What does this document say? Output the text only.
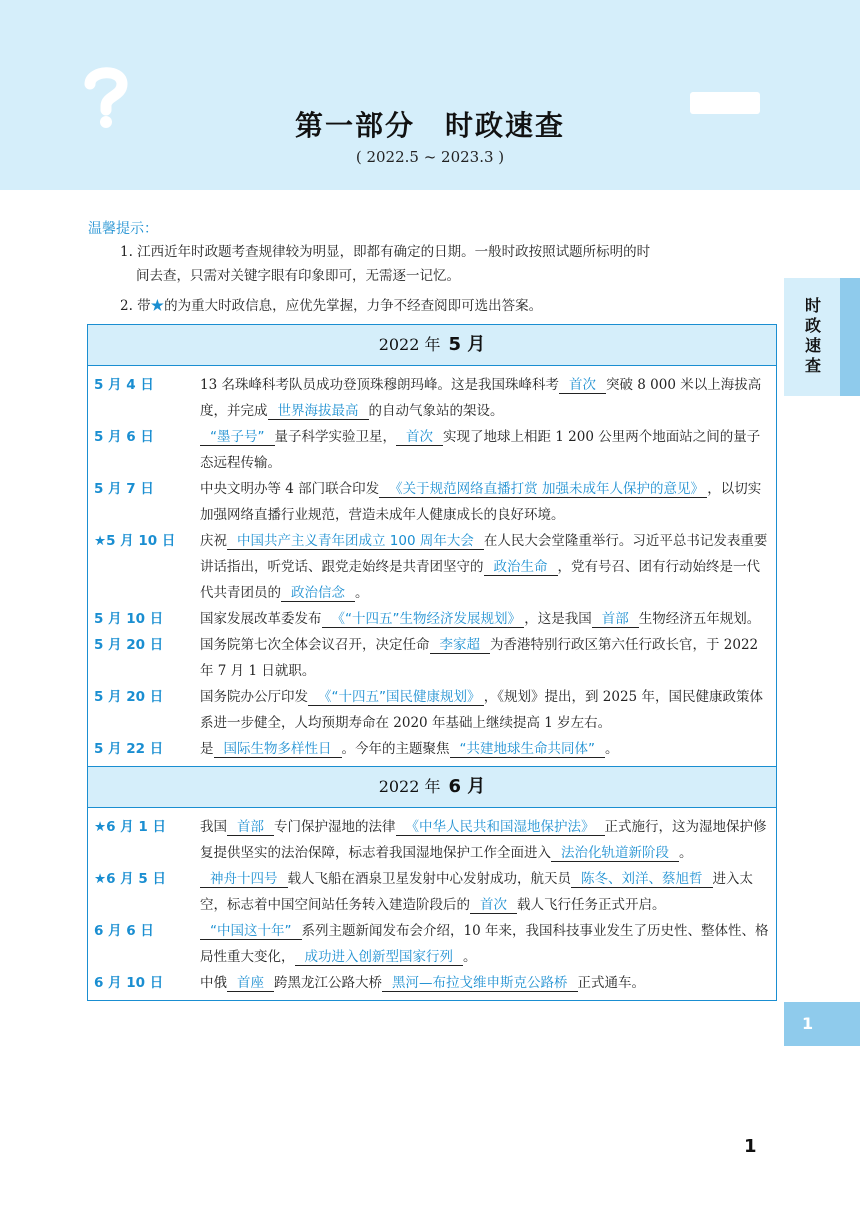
第一部分　时政速查
( 2022.5 ~ 2023.3 )
温馨提示：
1. 江西近年时政题考查规律较为明显，即都有确定的日期。一般时政按照试题所标明的时
间去查，只需对关键字眼有印象即可，无需逐一记忆。
2. 带★的为重大时政信息，应优先掌握，力争不经查阅即可选出答案。	时政速查
1
2022 年 5 月
5 月 4 日	13 名珠峰科考队员成功登顶珠穆朗玛峰。这是我国珠峰科考 首次 突破 8 000 米以上海拔高度，并完成 世界海拔最高 的自动气象站的架设。
5 月 6 日	“墨子号” 量子科学实验卫星， 首次 实现了地球上相距 1 200 公里两个地面站之间的量子态远程传输。
5 月 7 日	中央文明办等 4 部门联合印发 《关于规范网络直播打赏 加强未成年人保护的意见》 ，以切实加强网络直播行业规范，营造未成年人健康成长的良好环境。
★5 月 10 日	庆祝 中国共产主义青年团成立 100 周年大会 在人民大会堂隆重举行。习近平总书记发表重要讲话指出，听党话、跟党走始终是共青团坚守的 政治生命 ，党有号召、团有行动始终是一代代共青团员的 政治信念 。
5 月 10 日	国家发展改革委发布 《“十四五”生物经济发展规划》 ，这是我国 首部 生物经济五年规划。
5 月 20 日	国务院第七次全体会议召开，决定任命 李家超 为香港特别行政区第六任行政长官，于 2022 年 7 月 1 日就职。
5 月 20 日	国务院办公厅印发 《“十四五”国民健康规划》 ，《规划》提出，到 2025 年，国民健康政策体系进一步健全，人均预期寿命在 2020 年基础上继续提高 1 岁左右。
5 月 22 日	是 国际生物多样性日 。今年的主题聚焦 “共建地球生命共同体” 。
2022 年 6 月
★6 月 1 日	我国 首部 专门保护湿地的法律 《中华人民共和国湿地保护法》 正式施行，这为湿地保护修复提供坚实的法治保障，标志着我国湿地保护工作全面进入 法治化轨道新阶段 。
★6 月 5 日	神舟十四号 载人飞船在酒泉卫星发射中心发射成功，航天员 陈冬、刘洋、蔡旭哲 进入太空，标志着中国空间站任务转入建造阶段后的 首次 载人飞行任务正式开启。
6 月 6 日	“中国这十年” 系列主题新闻发布会介绍，10 年来，我国科技事业发生了历史性、整体性、格局性重大变化， 成功进入创新型国家行列 。
6 月 10 日	中俄 首座 跨黑龙江公路大桥 黑河—布拉戈维申斯克公路桥 正式通车。
1
